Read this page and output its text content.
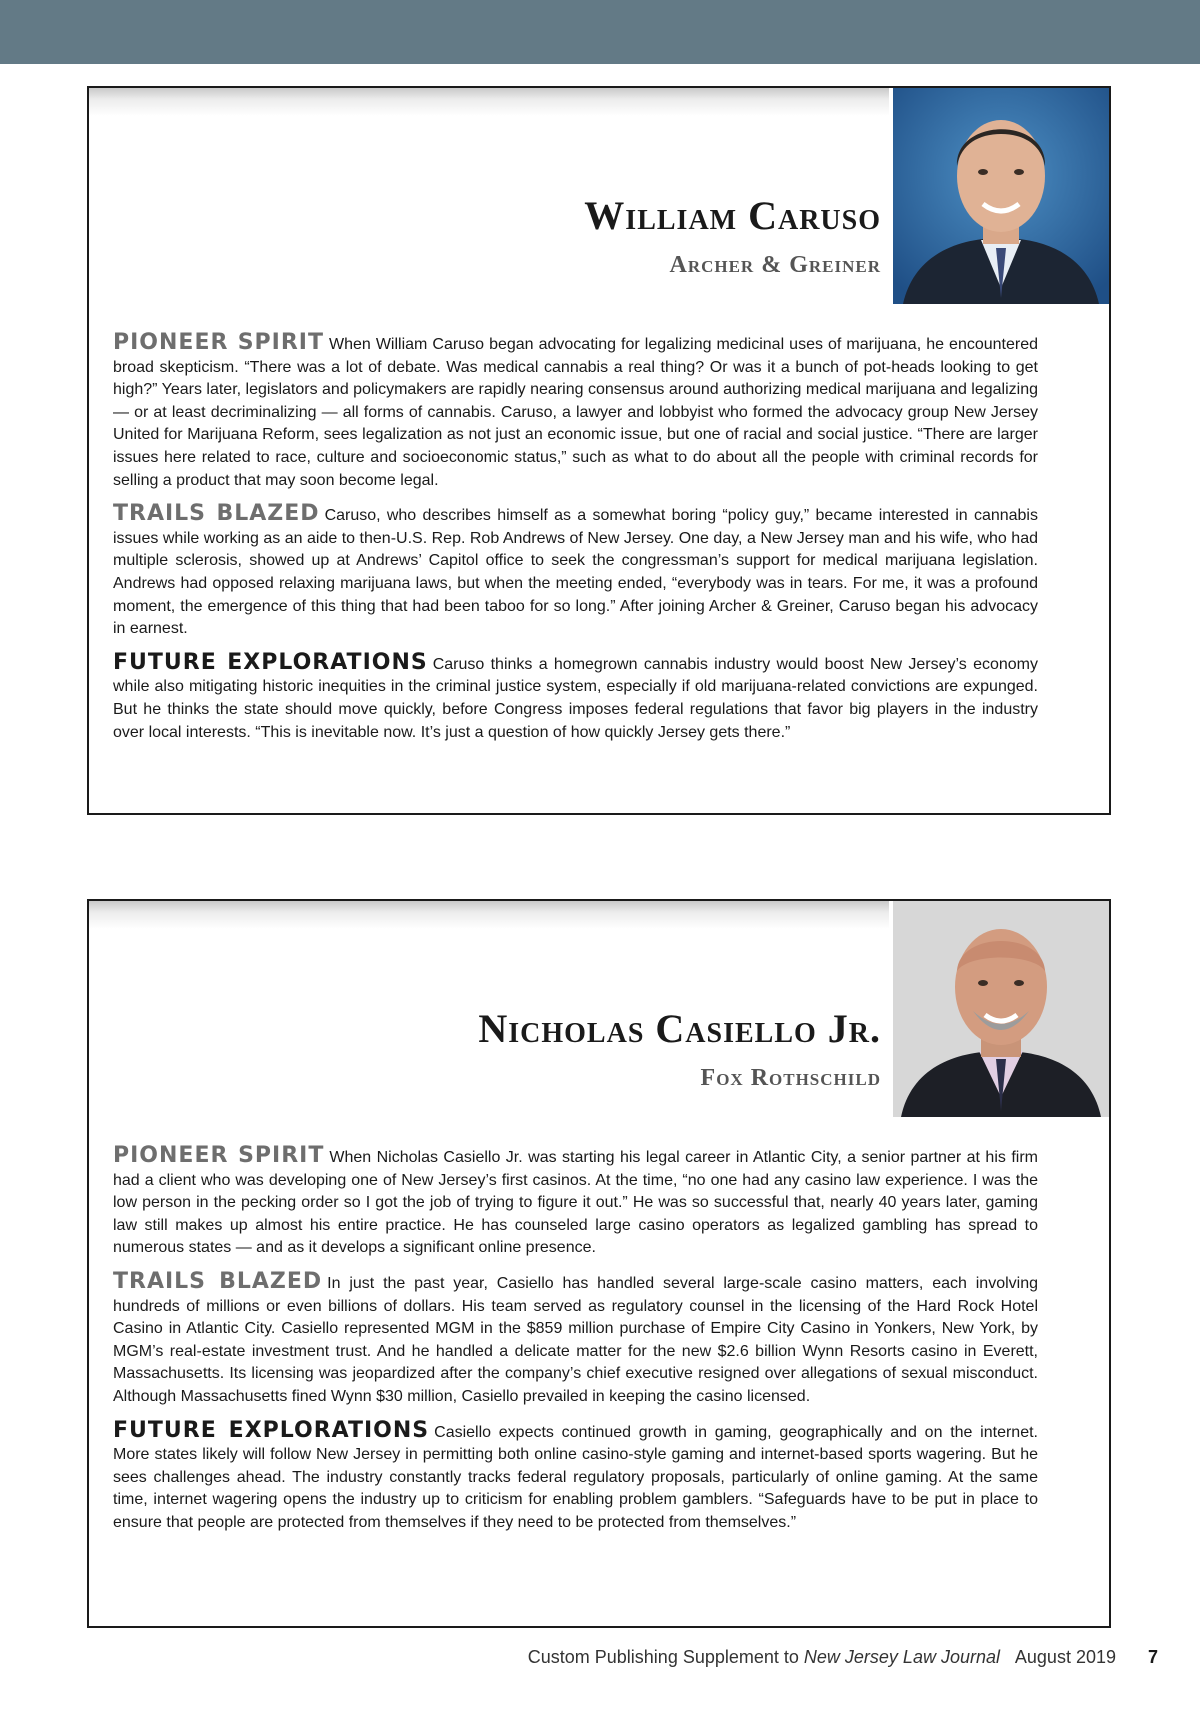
William Caruso
Archer & Greiner

PIONEER SPIRIT When William Caruso began advocating for legalizing medicinal uses of marijuana, he encountered broad skepticism. “There was a lot of debate. Was medical cannabis a real thing? Or was it a bunch of pot-heads looking to get high?” Years later, legislators and policymakers are rapidly nearing consensus around authorizing medical marijuana and legalizing — or at least decriminalizing — all forms of cannabis. Caruso, a lawyer and lobbyist who formed the advocacy group New Jersey United for Marijuana Reform, sees legalization as not just an economic issue, but one of racial and social justice. “There are larger issues here related to race, culture and socioeconomic status,” such as what to do about all the people with criminal records for selling a product that may soon become legal.

TRAILS BLAZED Caruso, who describes himself as a somewhat boring “policy guy,” became interested in cannabis issues while working as an aide to then-U.S. Rep. Rob Andrews of New Jersey. One day, a New Jersey man and his wife, who had multiple sclerosis, showed up at Andrews’ Capitol office to seek the congressman’s support for medical marijuana legislation. Andrews had opposed relaxing marijuana laws, but when the meeting ended, “everybody was in tears. For me, it was a profound moment, the emergence of this thing that had been taboo for so long.” After joining Archer & Greiner, Caruso began his advocacy in earnest.

FUTURE EXPLORATIONS Caruso thinks a homegrown cannabis industry would boost New Jersey’s economy while also mitigating historic inequities in the criminal justice system, especially if old marijuana-related convictions are expunged. But he thinks the state should move quickly, before Congress imposes federal regulations that favor big players in the industry over local interests. “This is inevitable now. It’s just a question of how quickly Jersey gets there.”

Nicholas Casiello Jr.
Fox Rothschild

PIONEER SPIRIT When Nicholas Casiello Jr. was starting his legal career in Atlantic City, a senior partner at his firm had a client who was developing one of New Jersey’s first casinos. At the time, “no one had any casino law experience. I was the low person in the pecking order so I got the job of trying to figure it out.” He was so successful that, nearly 40 years later, gaming law still makes up almost his entire practice. He has counseled large casino operators as legalized gambling has spread to numerous states — and as it develops a significant online presence.

TRAILS BLAZED In just the past year, Casiello has handled several large-scale casino matters, each involving hundreds of millions or even billions of dollars. His team served as regulatory counsel in the licensing of the Hard Rock Hotel Casino in Atlantic City. Casiello represented MGM in the $859 million purchase of Empire City Casino in Yonkers, New York, by MGM’s real-estate investment trust. And he handled a delicate matter for the new $2.6 billion Wynn Resorts casino in Everett, Massachusetts. Its licensing was jeopardized after the company’s chief executive resigned over allegations of sexual misconduct. Although Massachusetts fined Wynn $30 million, Casiello prevailed in keeping the casino licensed.

FUTURE EXPLORATIONS Casiello expects continued growth in gaming, geographically and on the internet. More states likely will follow New Jersey in permitting both online casino-style gaming and internet-based sports wagering. But he sees challenges ahead. The industry constantly tracks federal regulatory proposals, particularly of online gaming. At the same time, internet wagering opens the industry up to criticism for enabling problem gamblers. “Safeguards have to be put in place to ensure that people are protected from themselves if they need to be protected from themselves.”

Custom Publishing Supplement to New Jersey Law Journal August 2019 7
